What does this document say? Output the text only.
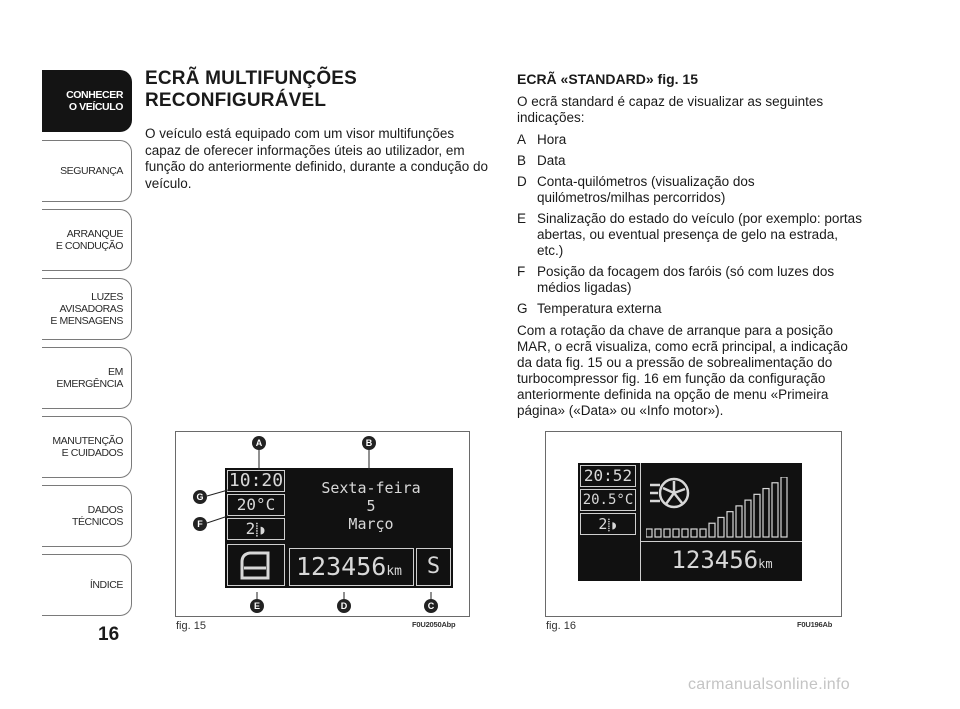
CONHECER
O VEÍCULO
SEGURANÇA
ARRANQUE
E CONDUÇÃO
LUZES
AVISADORAS
E MENSAGENS
EM EMERGÊNCIA
MANUTENÇÃO
E CUIDADOS
DADOS
TÉCNICOS
ÍNDICE
16
ECRÃ MULTIFUNÇÕES
RECONFIGURÁVEL
O veículo está equipado com um visor multifunções capaz de oferecer informações úteis ao utilizador, em função do anteriormente definido, durante a condução do veículo.
ECRÃ «STANDARD» fig. 15
O ecrã standard é capaz de visualizar as seguintes indicações:
A Hora
B Data
D Conta-quilómetros (visualização dos quilómetros/milhas percorridos)
E Sinalização do estado do veículo (por exemplo: portas abertas, ou eventual presença de gelo na estrada, etc.)
F Posição da focagem dos faróis (só com luzes dos médios ligadas)
G Temperatura externa
Com a rotação da chave de arranque para a posição MAR, o ecrã visualiza, como ecrã principal, a indicação da data fig. 15 ou a pressão de sobrealimentação do turbocompressor fig. 16 em função da configuração anteriormente definida na opção de menu «Primeira página» («Data» ou «Info motor»).
10:20
20°C
2⸽◗
Sexta-feira
5
Março
123456km	S
A	B
G
F
E	D	C
fig. 15	F0U2050Abp
20:52
20.5°C
2⸽◗
123456km
fig. 16	F0U196Ab
carmanualsonline.info
